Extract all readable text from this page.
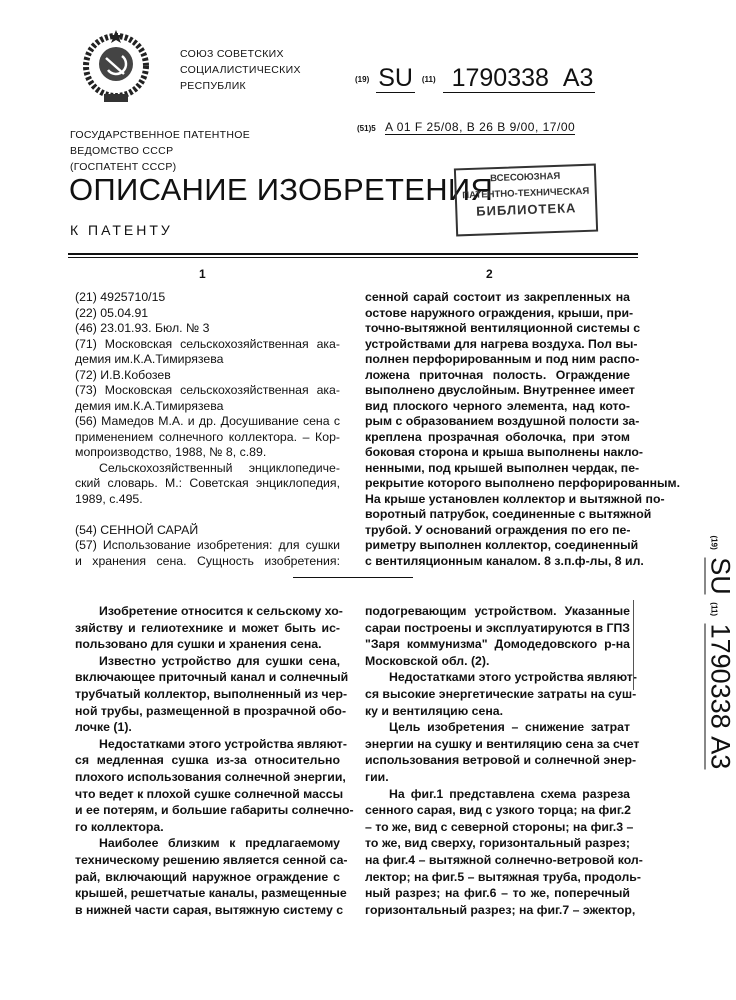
СОЮЗ СОВЕТСКИХ
СОЦИАЛИСТИЧЕСКИХ
РЕСПУБЛИК
(19) SU (11) 1790338 A3
(51)5 A 01 F 25/08, B 26 B 9/00, 17/00
ГОСУДАРСТВЕННОЕ ПАТЕНТНОЕ
ВЕДОМСТВО СССР
(ГОСПАТЕНТ СССР)
ОПИСАНИЕ ИЗОБРЕТЕНИЯ
К ПАТЕНТУ
ВСЕСОЮЗНАЯ
ПАТЕНТНО-ТЕХНИЧЕСКАЯ
БИБЛИОТЕКА
1	2
(21) 4925710/15
(22) 05.04.91
(46) 23.01.93. Бюл. № 3
(71) Московская сельскохозяйственная ака-
демия им.К.А.Тимирязева
(72) И.В.Кобозев
(73) Московская сельскохозяйственная ака-
демия им.К.А.Тимирязева
(56) Мамедов М.А. и др. Досушивание сена с
применением солнечного коллектора. – Кор-
мопроизводство, 1988, № 8, с.89.
Сельскохозяйственный энциклопедиче-
ский словарь. М.: Советская энциклопедия,
1989, с.495.
(54) СЕННОЙ САРАЙ
(57) Использование изобретения: для сушки
и хранения сена. Сущность изобретения:
сенной сарай состоит из закрепленных на
остове наружного ограждения, крыши, при-
точно-вытяжной вентиляционной системы с
устройствами для нагрева воздуха. Пол вы-
полнен перфорированным и под ним распо-
ложена приточная полость. Ограждение
выполнено двуслойным. Внутреннее имеет
вид плоского черного элемента, над кото-
рым с образованием воздушной полости за-
креплена прозрачная оболочка, при этом
боковая сторона и крыша выполнены накло-
ненными, под крышей выполнен чердак, пе-
рекрытие которого выполнено перфорированным.
На крыше установлен коллектор и вытяжной по-
воротный патрубок, соединенные с вытяжной
трубой. У оснований ограждения по его пе-
риметру выполнен коллектор, соединенный
с вентиляционным каналом. 8 з.п.ф-лы, 8 ил.
Изобретение относится к сельскому хо-
зяйству и гелиотехнике и может быть ис-
пользовано для сушки и хранения сена.
Известно устройство для сушки сена,
включающее приточный канал и солнечный
трубчатый коллектор, выполненный из чер-
ной трубы, размещенной в прозрачной обо-
лочке (1).
Недостатками этого устройства являют-
ся медленная сушка из-за относительно
плохого использования солнечной энергии,
что ведет к плохой сушке солнечной массы
и ее потерям, и большие габариты солнечно-
го коллектора.
Наиболее близким к предлагаемому
техническому решению является сенной са-
рай, включающий наружное ограждение с
крышей, решетчатые каналы, размещенные
в нижней части сарая, вытяжную систему с
подогревающим устройством. Указанные
сараи построены и эксплуатируются в ГПЗ
"Заря коммунизма" Домодедовского р-на
Московской обл. (2).
Недостатками этого устройства являют-
ся высокие энергетические затраты на суш-
ку и вентиляцию сена.
Цель изобретения – снижение затрат
энергии на сушку и вентиляцию сена за счет
использования ветровой и солнечной энер-
гии.
На фиг.1 представлена схема разреза
сенного сарая, вид с узкого торца; на фиг.2
– то же, вид с северной стороны; на фиг.3 –
то же, вид сверху, горизонтальный разрез;
на фиг.4 – вытяжной солнечно-ветровой кол-
лектор; на фиг.5 – вытяжная труба, продоль-
ный разрез; на фиг.6 – то же, поперечный
горизонтальный разрез; на фиг.7 – эжектор,
(19) SU (11) 1790338 A3
